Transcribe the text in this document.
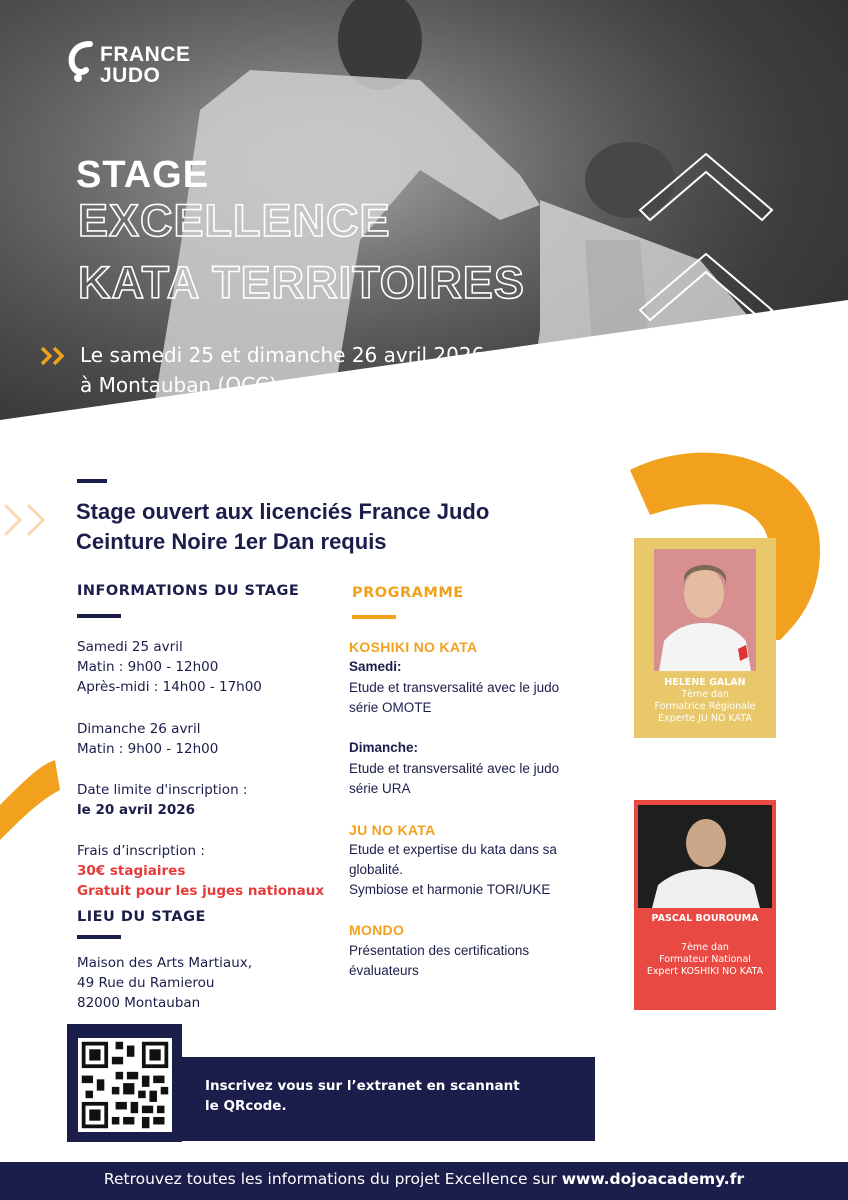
FRANCE
JUDO
STAGE
EXCELLENCE
KATA TERRITOIRES
Le samedi 25 et dimanche 26 avril 2026
à Montauban (OCC)
Stage ouvert aux licenciés France Judo
Ceinture Noire 1er Dan requis
INFORMATIONS DU STAGE
Samedi 25 avril
Matin : 9h00 - 12h00
Après-midi : 14h00 - 17h00
Dimanche 26 avril
Matin : 9h00 - 12h00
Date limite d'inscription :
le 20 avril 2026
Frais d’inscription :
30€ stagiaires
Gratuit pour les juges nationaux
LIEU DU STAGE
Maison des Arts Martiaux,
49 Rue du Ramierou
82000 Montauban
PROGRAMME
KOSHIKI NO KATA
Samedi:
Etude et transversalité avec le judo
série OMOTE
Dimanche:
Etude et transversalité avec le judo
série URA
JU NO KATA
Etude et expertise du kata dans sa
globalité.
Symbiose et harmonie TORI/UKE
MONDO
Présentation des certifications
évaluateurs
HELENE GALAN
7ème dan
Formatrice Régionale
Experte JU NO KATA
PASCAL BOUROUMA
7ème dan
Formateur National
Expert KOSHIKI NO KATA
Inscrivez vous sur l’extranet en scannant
le QRcode.
Retrouvez toutes les informations du projet Excellence sur www.dojoacademy.fr
